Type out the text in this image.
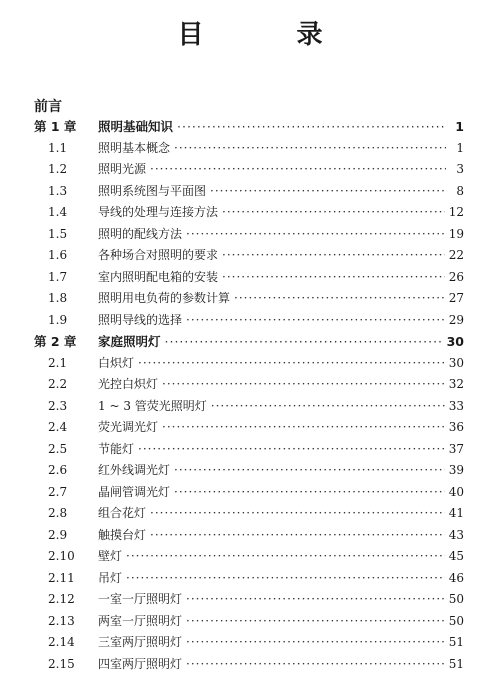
目 录
前言
第 1 章	照明基础知识 ·····	1
1.1	照明基本概念 ·····	1
1.2	照明光源 ·····	3
1.3	照明系统图与平面图 ·····	8
1.4	导线的处理与连接方法 ·····	12
1.5	照明的配线方法 ·····	19
1.6	各种场合对照明的要求 ·····	22
1.7	室内照明配电箱的安装 ·····	26
1.8	照明用电负荷的参数计算 ·····	27
1.9	照明导线的选择 ·····	29
第 2 章	家庭照明灯 ·····	30
2.1	白炽灯 ·····	30
2.2	光控白炽灯 ·····	32
2.3	1 ~ 3 管荧光照明灯 ·····	33
2.4	荧光调光灯 ·····	36
2.5	节能灯 ·····	37
2.6	红外线调光灯 ·····	39
2.7	晶闸管调光灯 ·····	40
2.8	组合花灯 ·····	41
2.9	触摸台灯 ·····	43
2.10	壁灯 ·····	45
2.11	吊灯 ·····	46
2.12	一室一厅照明灯 ·····	50
2.13	两室一厅照明灯 ·····	50
2.14	三室两厅照明灯 ·····	51
2.15	四室两厅照明灯 ·····	51
